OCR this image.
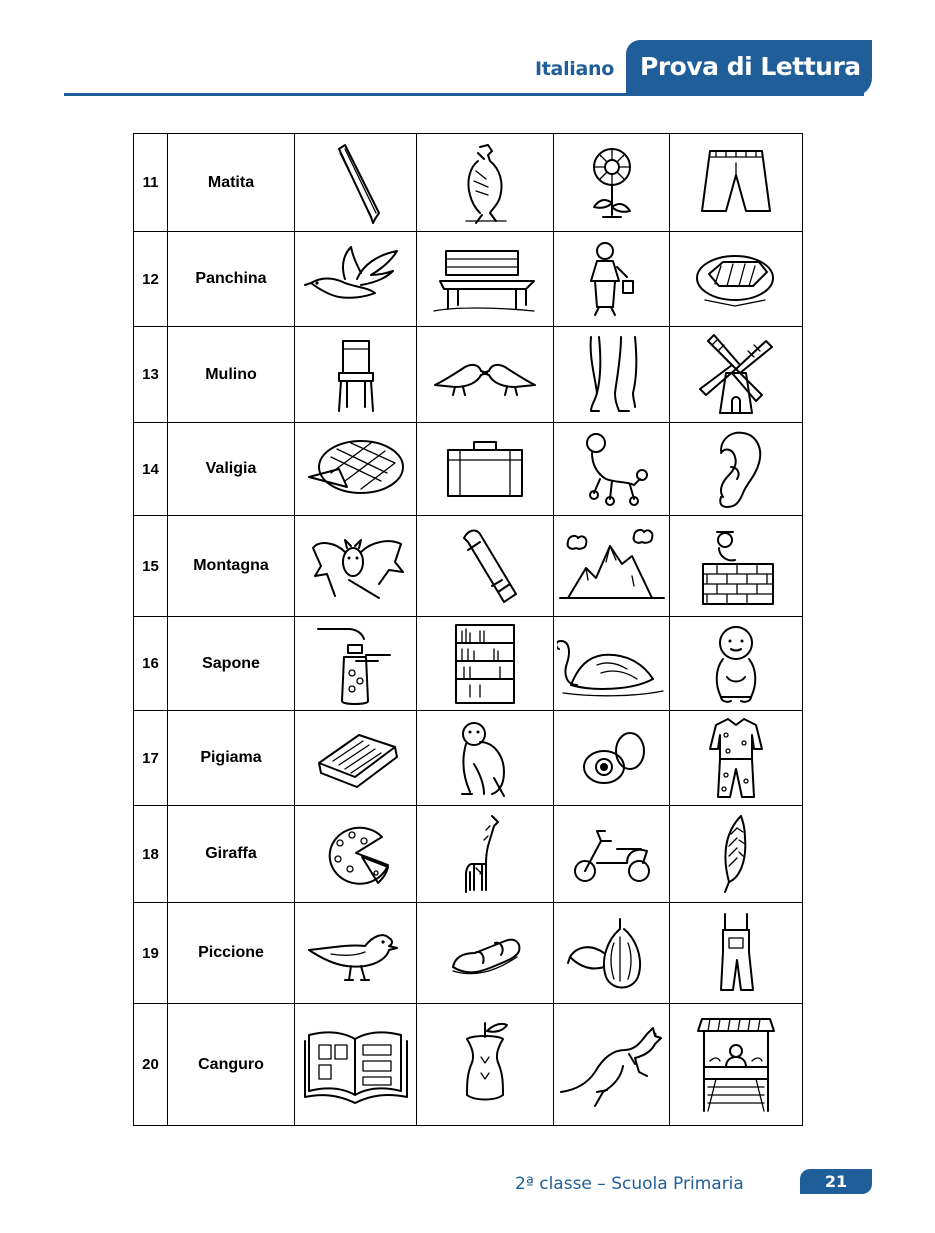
Italiano Prova di Lettura
11	Matita	

12	Panchina	

13	Mulino	

14	Valigia	

15	Montagna	

16	Sapone	

17	Pigiama	

18	Giraffa	

19	Piccione	

20	Canguro	

2ª classe – Scuola Primaria	21
